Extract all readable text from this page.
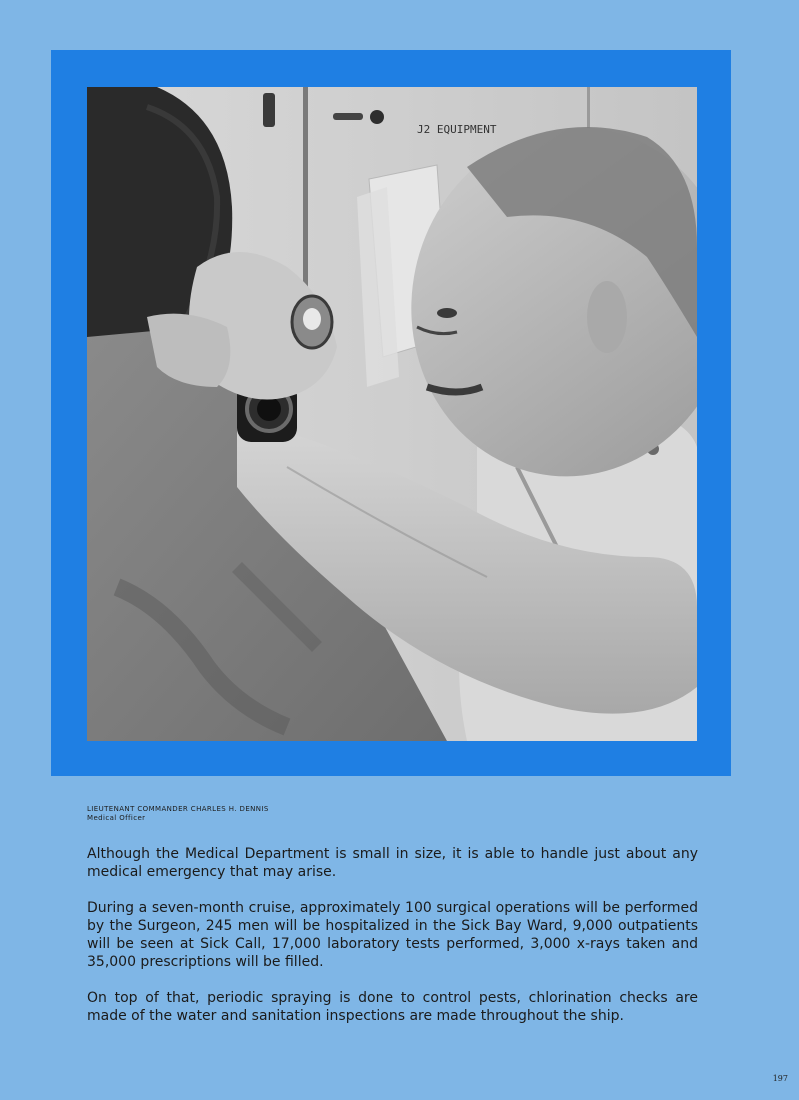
J2 EQUIPMENT
LIEUTENANT COMMANDER CHARLES H. DENNIS
Medical Officer

Although the Medical Department is small in size, it is able to handle just about any medical emergency that may arise.

During a seven-month cruise, approximately 100 surgical operations will be performed by the Surgeon, 245 men will be hospitalized in the Sick Bay Ward, 9,000 outpatients will be seen at Sick Call, 17,000 laboratory tests performed, 3,000 x-rays taken and 35,000 prescriptions will be filled.

On top of that, periodic spraying is done to control pests, chlorination checks are made of the water and sanitation inspections are made throughout the ship.

197
